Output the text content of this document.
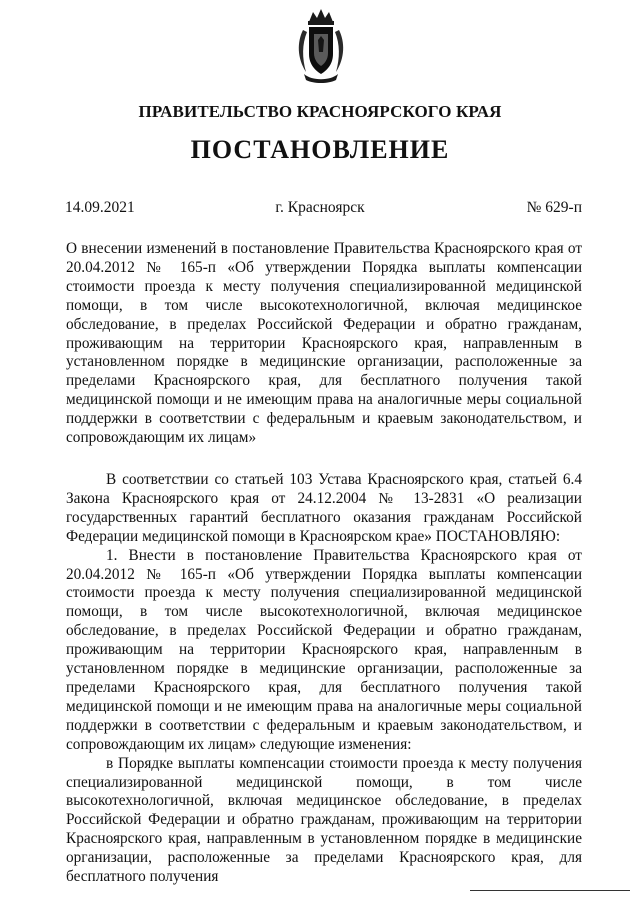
ПРАВИТЕЛЬСТВО КРАСНОЯРСКОГО КРАЯ
ПОСТАНОВЛЕНИЕ
14.09.2021	г. Красноярск	№ 629-п
О внесении изменений в постановление Правительства Красноярского края от 20.04.2012 № 165-п «Об утверждении Порядка выплаты компенсации стоимости проезда к месту получения специализированной медицинской помощи, в том числе высокотехнологичной, включая медицинское обследование, в пределах Российской Федерации и обратно гражданам, проживающим на территории Красноярского края, направленным в установленном порядке в медицинские организации, расположенные за пределами Красноярского края, для бесплатного получения такой медицинской помощи и не имеющим права на аналогичные меры социальной поддержки в соответствии с федеральным и краевым законодательством, и сопровождающим их лицам»

В соответствии со статьей 103 Устава Красноярского края, статьей 6.4 Закона Красноярского края от 24.12.2004 № 13-2831 «О реализации государственных гарантий бесплатного оказания гражданам Российской Федерации медицинской помощи в Красноярском крае» ПОСТАНОВЛЯЮ:

1. Внести в постановление Правительства Красноярского края от 20.04.2012 № 165-п «Об утверждении Порядка выплаты компенсации стоимости проезда к месту получения специализированной медицинской помощи, в том числе высокотехнологичной, включая медицинское обследование, в пределах Российской Федерации и обратно гражданам, проживающим на территории Красноярского края, направленным в установленном порядке в медицинские организации, расположенные за пределами Красноярского края, для бесплатного получения такой медицинской помощи и не имеющим права на аналогичные меры социальной поддержки в соответствии с федеральным и краевым законодательством, и сопровождающим их лицам» следующие изменения:

в Порядке выплаты компенсации стоимости проезда к месту получения специализированной медицинской помощи, в том числе высокотехнологичной, включая медицинское обследование, в пределах Российской Федерации и обратно гражданам, проживающим на территории Красноярского края, направленным в установленном порядке в медицинские организации, расположенные за пределами Красноярского края, для бесплатного получения
